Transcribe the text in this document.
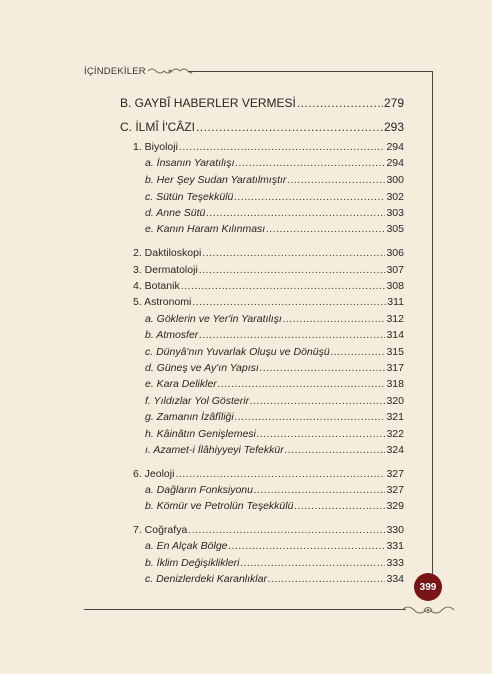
İÇİNDEKİLER
B. GAYBÎ HABERLER VERMESİ .....	279
C. İLMÎ İ'CÂZI .....	293
1. Biyoloji .....	294
a. İnsanın Yaratılışı .....	294
b. Her Şey Sudan Yaratılmıştır .....	300
c. Sütün Teşekkülü .....	302
d. Anne Sütü .....	303
e. Kanın Haram Kılınması .....	305
2. Daktiloskopi .....	306
3. Dermatoloji .....	307
4. Botanik .....	308
5. Astronomi .....	311
a. Göklerin ve Yer'in Yaratılışı .....	312
b. Atmosfer .....	314
c. Dünyâ'nın Yuvarlak Oluşu ve Dönüşü .....	315
d. Güneş ve Ay'ın Yapısı .....	317
e. Kara Delikler .....	318
f. Yıldızlar Yol Gösterir .....	320
g. Zamanın İzâfîliği .....	321
h. Kâinâtın Genişlemesi .....	322
ı. Azamet-i İlâhiyyeyi Tefekkür .....	324
6. Jeoloji .....	327
a. Dağların Fonksiyonu .....	327
b. Kömür ve Petrolün Teşekkülü .....	329
7. Coğrafya .....	330
a. En Alçak Bölge .....	331
b. İklim Değişiklikleri .....	333
c. Denizlerdeki Karanlıklar .....	334
399
